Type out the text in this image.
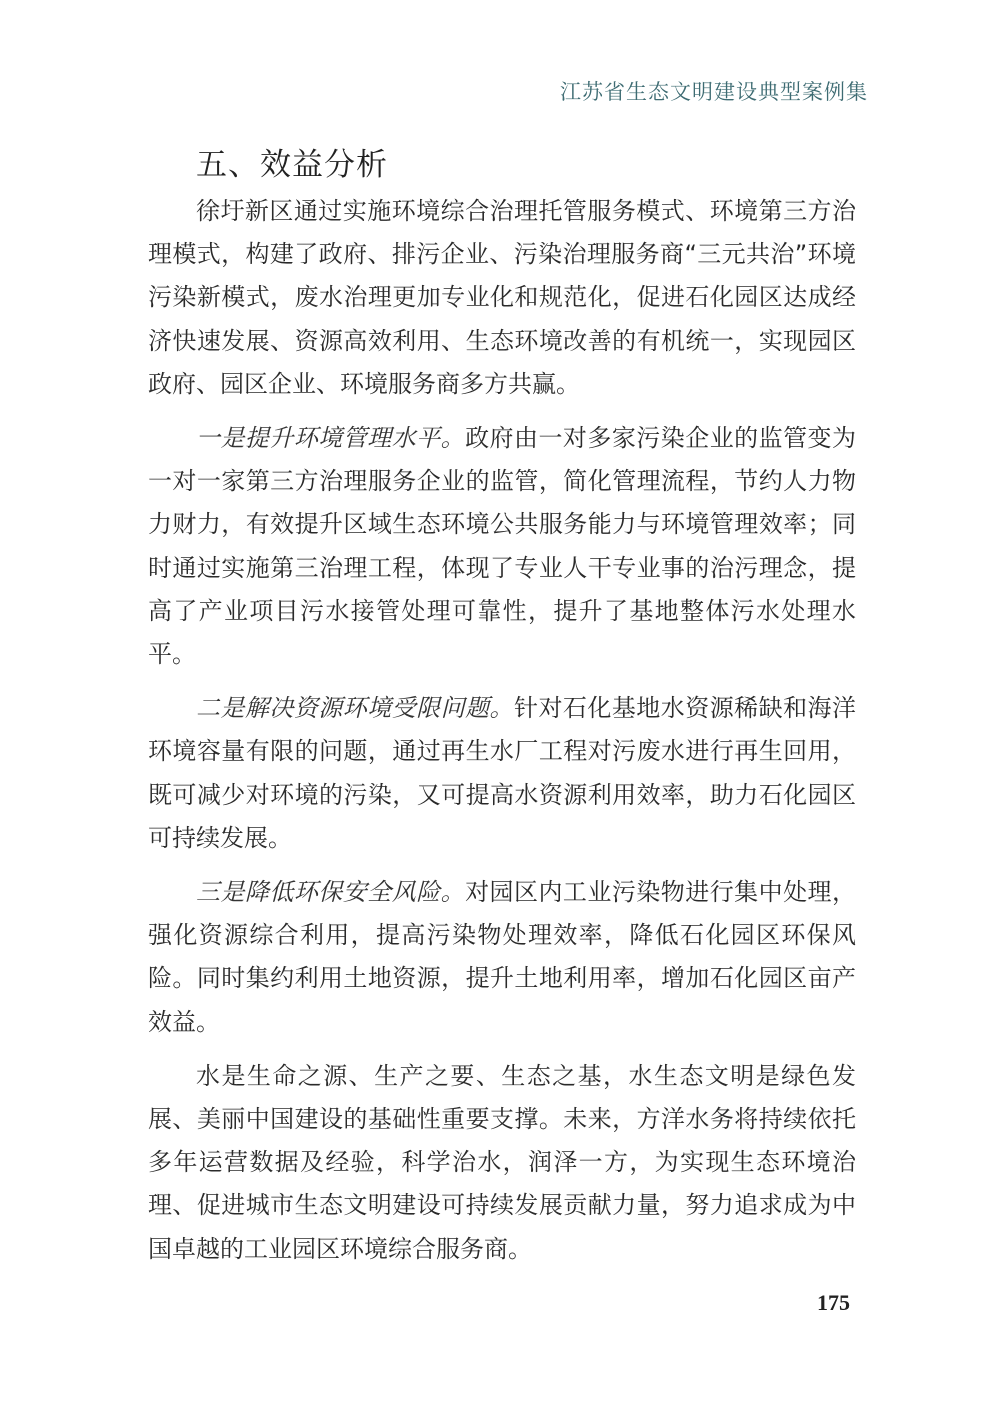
江苏省生态文明建设典型案例集
五、效益分析

徐圩新区通过实施环境综合治理托管服务模式、环境第三方治理模式，构建了政府、排污企业、污染治理服务商“三元共治”环境污染新模式，废水治理更加专业化和规范化，促进石化园区达成经济快速发展、资源高效利用、生态环境改善的有机统一，实现园区政府、园区企业、环境服务商多方共赢。

一是提升环境管理水平。政府由一对多家污染企业的监管变为一对一家第三方治理服务企业的监管，简化管理流程，节约人力物力财力，有效提升区域生态环境公共服务能力与环境管理效率；同时通过实施第三治理工程，体现了专业人干专业事的治污理念，提高了产业项目污水接管处理可靠性，提升了基地整体污水处理水平。

二是解决资源环境受限问题。针对石化基地水资源稀缺和海洋环境容量有限的问题，通过再生水厂工程对污废水进行再生回用，既可减少对环境的污染，又可提高水资源利用效率，助力石化园区可持续发展。

三是降低环保安全风险。对园区内工业污染物进行集中处理，强化资源综合利用，提高污染物处理效率，降低石化园区环保风险。同时集约利用土地资源，提升土地利用率，增加石化园区亩产效益。

水是生命之源、生产之要、生态之基，水生态文明是绿色发展、美丽中国建设的基础性重要支撑。未来，方洋水务将持续依托多年运营数据及经验，科学治水，润泽一方，为实现生态环境治理、促进城市生态文明建设可持续发展贡献力量，努力追求成为中国卓越的工业园区环境综合服务商。

175
